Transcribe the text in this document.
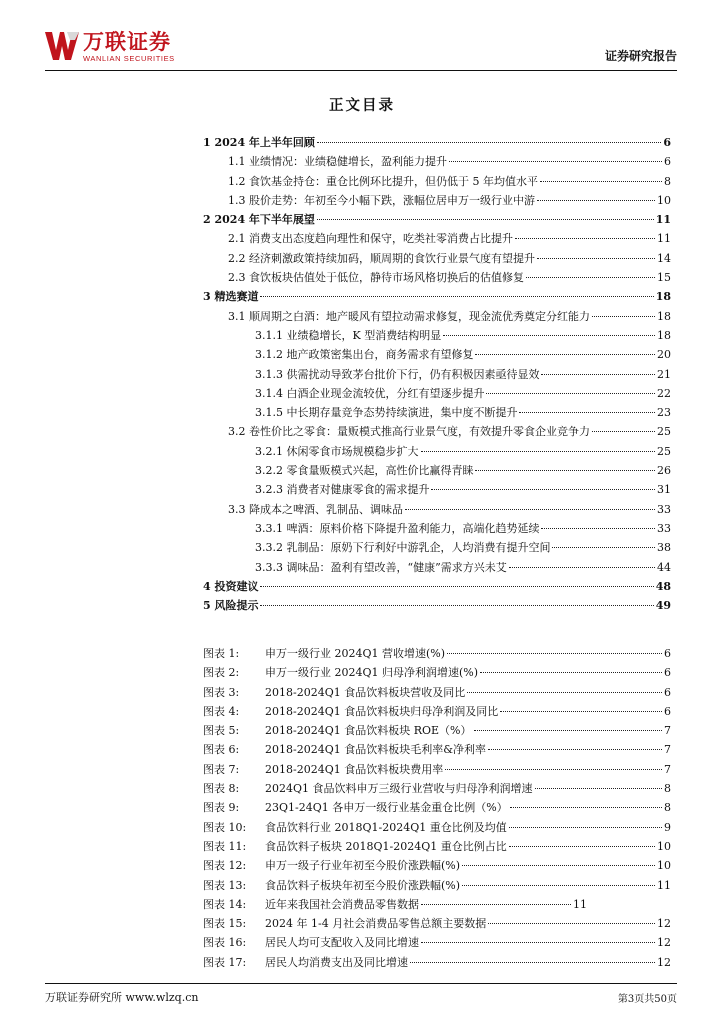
万联证券
WANLIAN SECURITIES	证券研究报告
正文目录
1 2024 年上半年回顾	6
1.1 业绩情况：业绩稳健增长，盈利能力提升	6
1.2 食饮基金持仓：重仓比例环比提升，但仍低于 5 年均值水平	8
1.3 股价走势：年初至今小幅下跌，涨幅位居申万一级行业中游	10
2 2024 年下半年展望	11
2.1 消费支出态度趋向理性和保守，吃类社零消费占比提升	11
2.2 经济刺激政策持续加码，顺周期的食饮行业景气度有望提升	14
2.3 食饮板块估值处于低位，静待市场风格切换后的估值修复	15
3 精选赛道	18
3.1 顺周期之白酒：地产暖风有望拉动需求修复，现金流优秀奠定分红能力	18
3.1.1 业绩稳增长，K 型消费结构明显	18
3.1.2 地产政策密集出台，商务需求有望修复	20
3.1.3 供需扰动导致茅台批价下行，仍有积极因素亟待显效	21
3.1.4 白酒企业现金流较优，分红有望逐步提升	22
3.1.5 中长期存量竞争态势持续演进，集中度不断提升	23
3.2 卷性价比之零食：量贩模式推高行业景气度，有效提升零食企业竞争力	25
3.2.1 休闲零食市场规模稳步扩大	25
3.2.2 零食量贩模式兴起，高性价比赢得青睐	26
3.2.3 消费者对健康零食的需求提升	31
3.3 降成本之啤酒、乳制品、调味品	33
3.3.1 啤酒：原料价格下降提升盈利能力，高端化趋势延续	33
3.3.2 乳制品：原奶下行利好中游乳企，人均消费有提升空间	38
3.3.3 调味品：盈利有望改善，“健康”需求方兴未艾	44
4 投资建议	48
5 风险提示	49
图表 1:	申万一级行业 2024Q1 营收增速(%)	6
图表 2:	申万一级行业 2024Q1 归母净利润增速(%)	6
图表 3:	2018-2024Q1 食品饮料板块营收及同比	6
图表 4:	2018-2024Q1 食品饮料板块归母净利润及同比	6
图表 5:	2018-2024Q1 食品饮料板块 ROE（%）	7
图表 6:	2018-2024Q1 食品饮料板块毛利率&净利率	7
图表 7:	2018-2024Q1 食品饮料板块费用率	7
图表 8:	2024Q1 食品饮料申万三级行业营收与归母净利润增速	8
图表 9:	23Q1-24Q1 各申万一级行业基金重仓比例（%）	8
图表 10:	食品饮料行业 2018Q1-2024Q1 重仓比例及均值	9
图表 11:	食品饮料子板块 2018Q1-2024Q1 重仓比例占比	10
图表 12:	申万一级子行业年初至今股价涨跌幅(%)	10
图表 13:	食品饮料子板块年初至今股价涨跌幅(%)	11
图表 14:	近年来我国社会消费品零售数据	11
图表 15:	2024 年 1-4 月社会消费品零售总额主要数据	12
图表 16:	居民人均可支配收入及同比增速	12
图表 17:	居民人均消费支出及同比增速	12
万联证券研究所 www.wlzq.cn	第3页共50页
